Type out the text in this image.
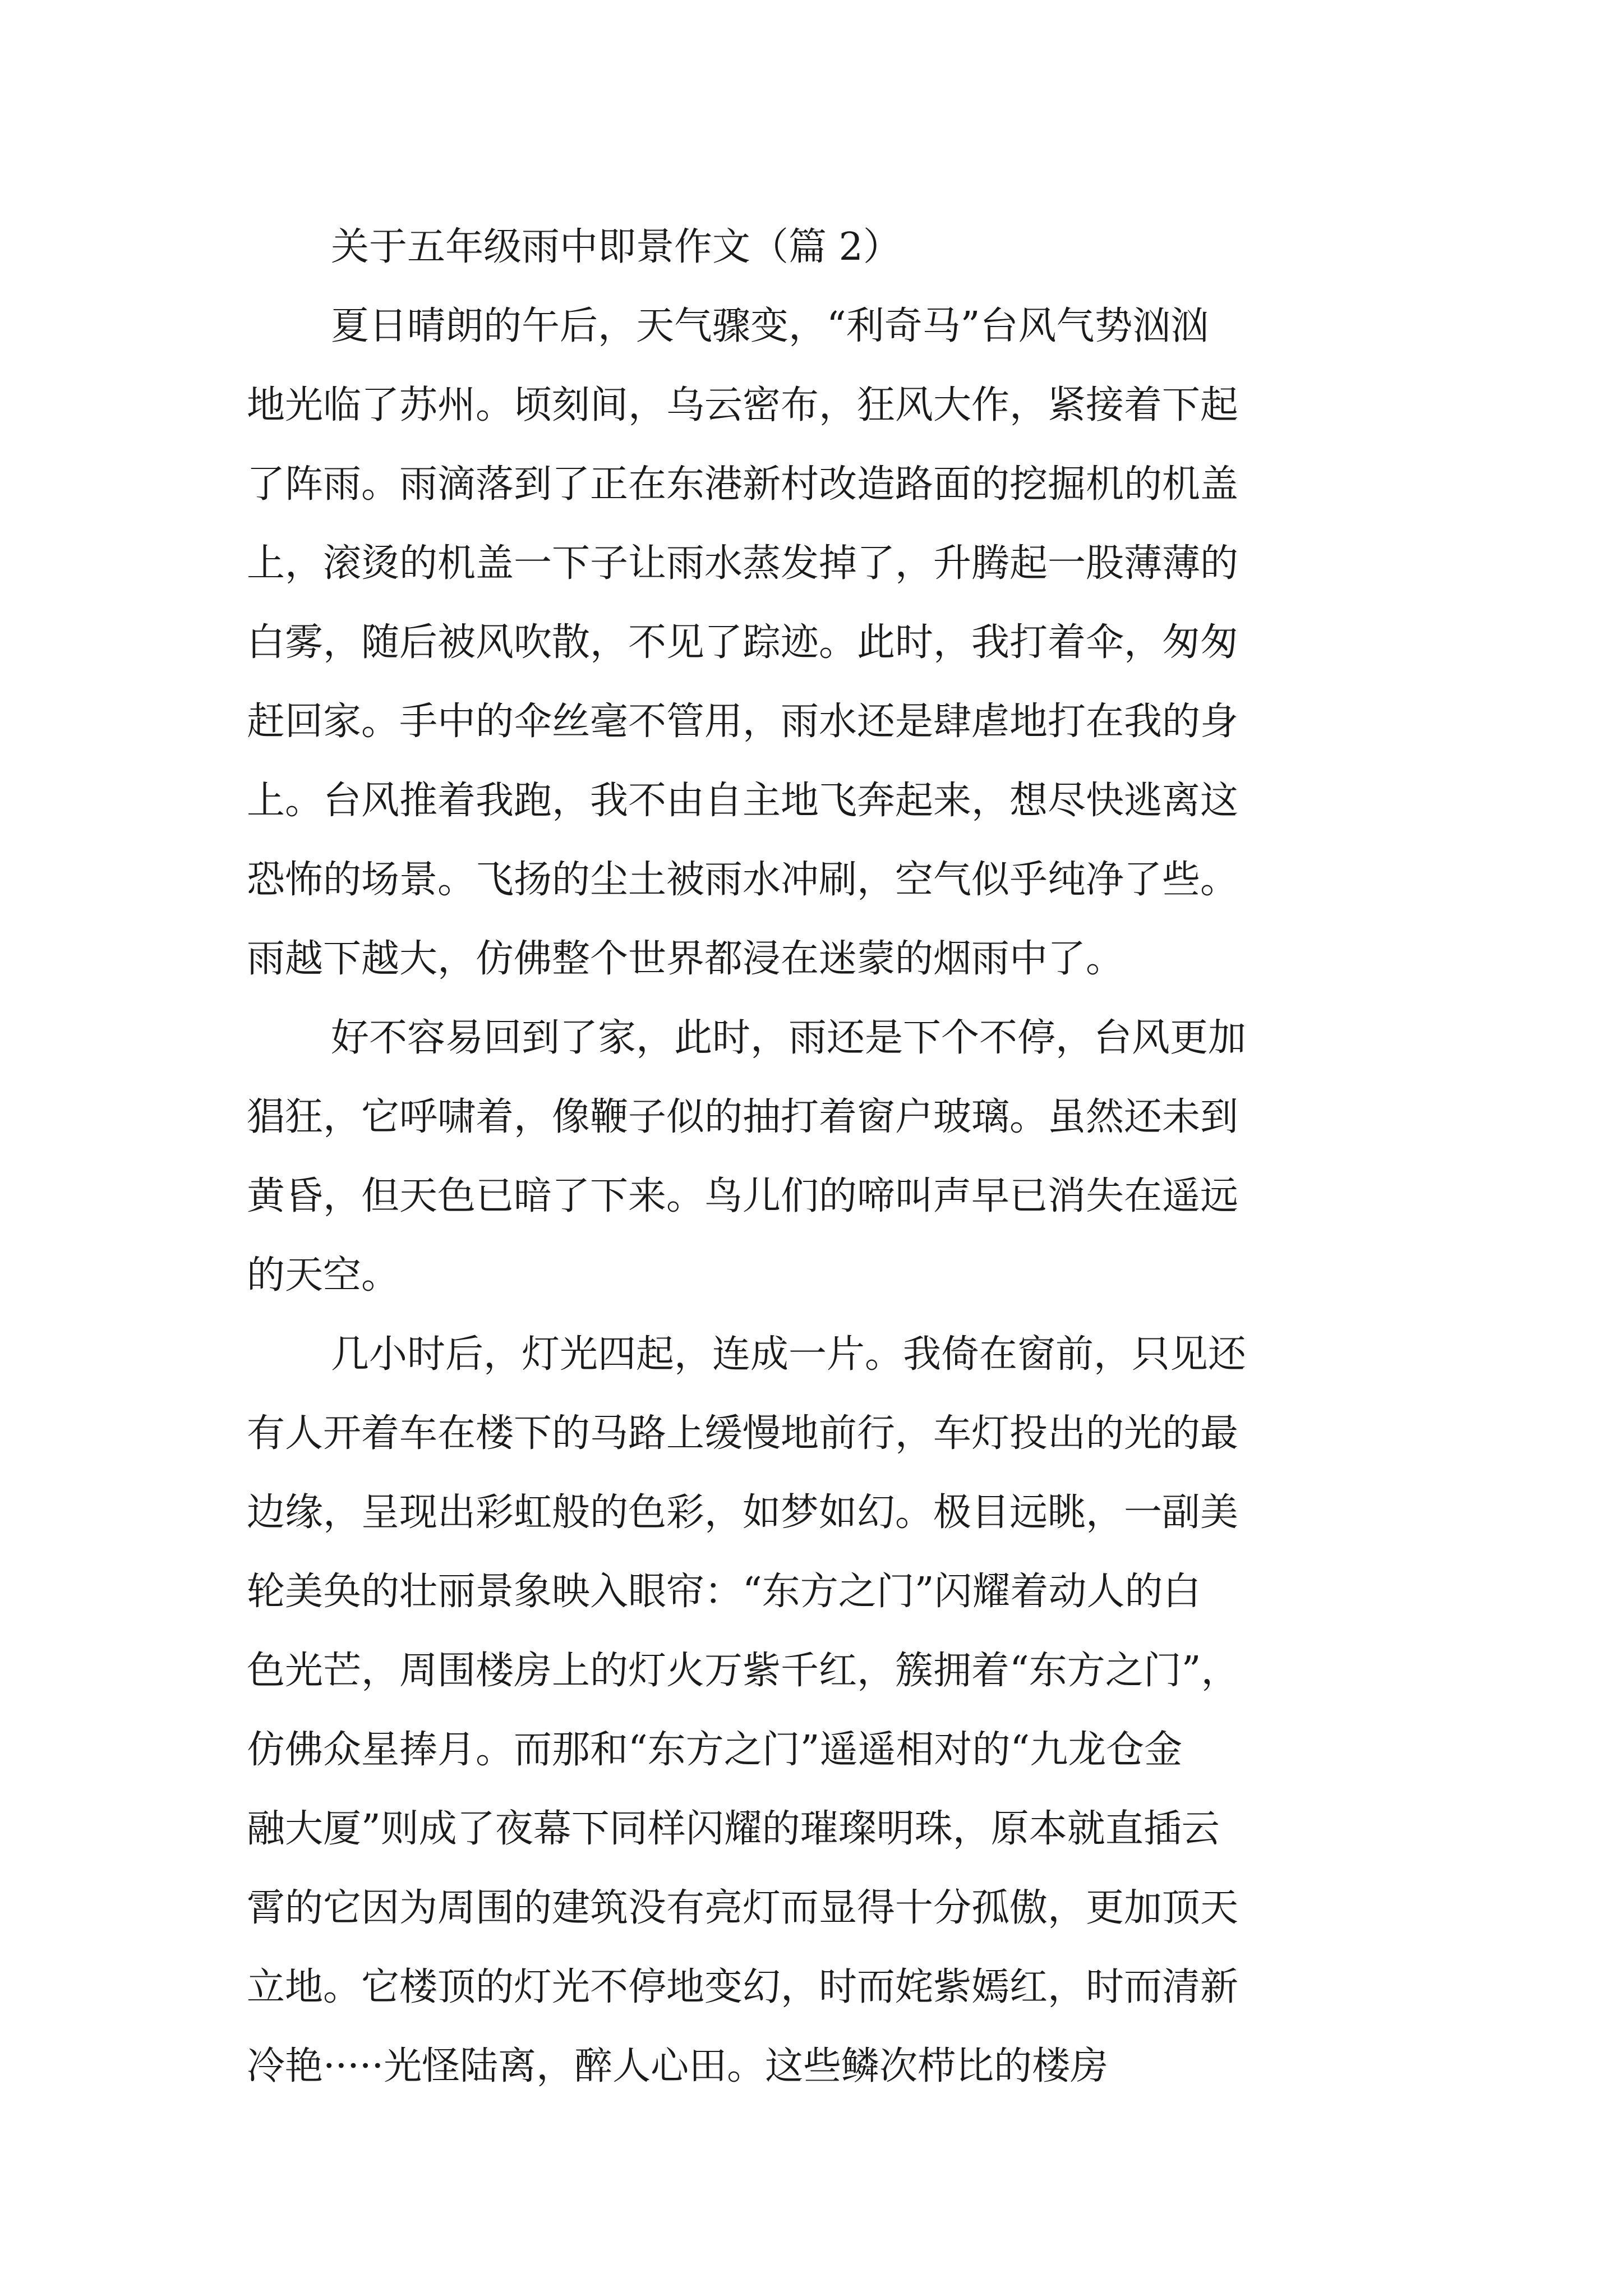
关于五年级雨中即景作文（篇 2）

夏日晴朗的午后，天气骤变，“利奇马”台风气势汹汹
地光临了苏州。顷刻间，乌云密布，狂风大作，紧接着下起
了阵雨。雨滴落到了正在东港新村改造路面的挖掘机的机盖
上，滚烫的机盖一下子让雨水蒸发掉了，升腾起一股薄薄的
白雾，随后被风吹散，不见了踪迹。此时，我打着伞，匆匆
赶回家。手中的伞丝毫不管用，雨水还是肆虐地打在我的身
上。台风推着我跑，我不由自主地飞奔起来，想尽快逃离这
恐怖的场景。飞扬的尘土被雨水冲刷，空气似乎纯净了些。
雨越下越大，仿佛整个世界都浸在迷蒙的烟雨中了。
好不容易回到了家，此时，雨还是下个不停，台风更加
猖狂，它呼啸着，像鞭子似的抽打着窗户玻璃。虽然还未到
黄昏，但天色已暗了下来。鸟儿们的啼叫声早已消失在遥远
的天空。
几小时后，灯光四起，连成一片。我倚在窗前，只见还
有人开着车在楼下的马路上缓慢地前行，车灯投出的光的最
边缘，呈现出彩虹般的色彩，如梦如幻。极目远眺，一副美
轮美奂的壮丽景象映入眼帘：“东方之门”闪耀着动人的白
色光芒，周围楼房上的灯火万紫千红，簇拥着“东方之门”，
仿佛众星捧月。而那和“东方之门”遥遥相对的“九龙仓金
融大厦”则成了夜幕下同样闪耀的璀璨明珠，原本就直插云
霄的它因为周围的建筑没有亮灯而显得十分孤傲，更加顶天
立地。它楼顶的灯光不停地变幻，时而姹紫嫣红，时而清新
冷艳·····光怪陆离，醉人心田。这些鳞次栉比的楼房
